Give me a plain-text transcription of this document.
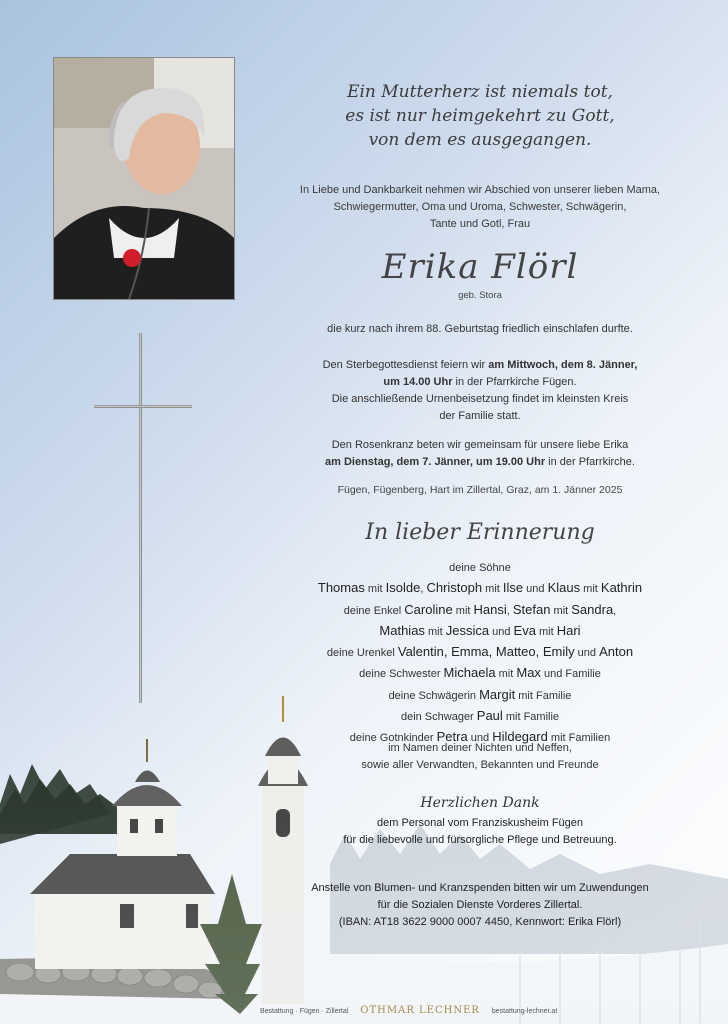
Ein Mutterherz ist niemals tot,
es ist nur heimgekehrt zu Gott,
von dem es ausgegangen.
In Liebe und Dankbarkeit nehmen wir Abschied von unserer lieben Mama,
Schwiegermutter, Oma und Uroma, Schwester, Schwägerin,
Tante und Gotl, Frau
Erika Flörl
geb. Stora
die kurz nach ihrem 88. Geburtstag friedlich einschlafen durfte.
Den Sterbegottesdienst feiern wir am Mittwoch, dem 8. Jänner,
um 14.00 Uhr in der Pfarrkirche Fügen.
Die anschließende Urnenbeisetzung findet im kleinsten Kreis
der Familie statt.
Den Rosenkranz beten wir gemeinsam für unsere liebe Erika
am Dienstag, dem 7. Jänner, um 19.00 Uhr in der Pfarrkirche.
Fügen, Fügenberg, Hart im Zillertal, Graz, am 1. Jänner 2025
In lieber Erinnerung
deine Söhne
Thomas mit Isolde, Christoph mit Ilse und Klaus mit Kathrin
deine Enkel Caroline mit Hansi, Stefan mit Sandra,
Mathias mit Jessica und Eva mit Hari
deine Urenkel Valentin, Emma, Matteo, Emily und Anton
deine Schwester Michaela mit Max und Familie
deine Schwägerin Margit mit Familie
dein Schwager Paul mit Familie
deine Gotnkinder Petra und Hildegard mit Familien
im Namen deiner Nichten und Neffen,
sowie aller Verwandten, Bekannten und Freunde
Herzlichen Dank
dem Personal vom Franziskusheim Fügen
für die liebevolle und fürsorgliche Pflege und Betreuung.
Anstelle von Blumen- und Kranzspenden bitten wir um Zuwendungen
für die Sozialen Dienste Vorderes Zillertal.
(IBAN: AT18 3622 9000 0007 4450, Kennwort: Erika Flörl)
Bestattung · Fügen · Zillertal OTHMAR LECHNER bestattung-lechner.at
